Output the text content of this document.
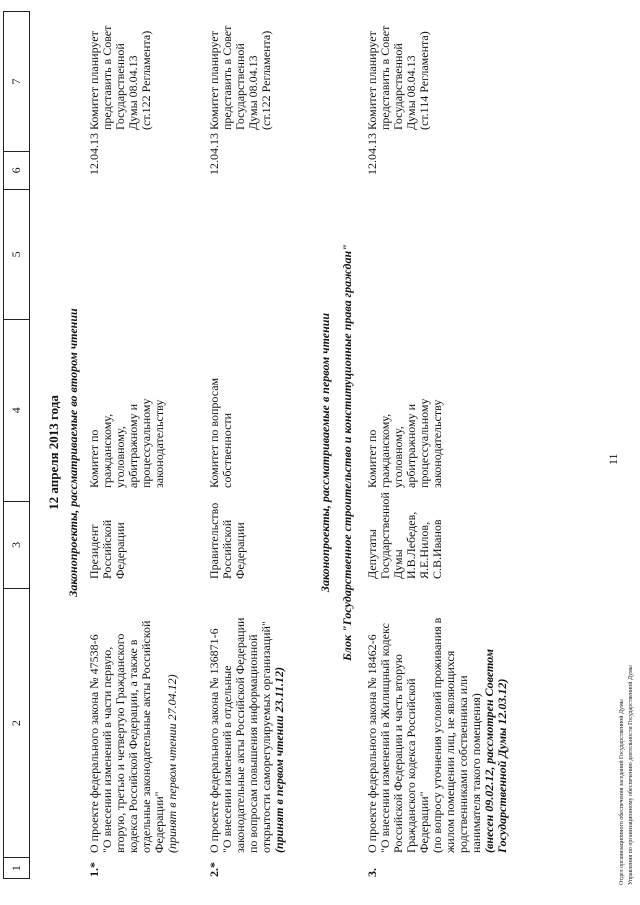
11
1
2
3
4
5
6
7
12 апреля 2013 года Законопроекты, рассматриваемые во втором чтении
1.*
О проекте федерального закона № 47538-6 "О внесении изменений в части первую, вторую, третью и четвертую Гражданского кодекса Российской Федерации, а также в отдельные законодательные акты Российской Федерации" (принят в первом чтении 27.04.12)
Президент Российской Федерации
Комитет по гражданскому, уголовному, арбитражному и процессуальному законодательству
12.04.13
Комитет планирует представить в Совет Государственной Думы 08.04.13 (ст.122 Регламента)
2.*
О проекте федерального закона № 136871-6 "О внесении изменений в отдельные законодательные акты Российской Федерации по вопросам повышения информационной открытости саморегулируемых организаций" (принят в первом чтении 23.11.12)
Правительство Российской Федерации
Комитет по вопросам собственности
12.04.13
Комитет планирует представить в Совет Государственной Думы 08.04.13 (ст.122 Регламента)
Законопроекты, рассматриваемые в первом чтении Блок "Государственное строительство и конституционные права граждан"
3.
О проекте федерального закона № 18462-6 "О внесении изменений в Жилищный кодекс Российской Федерации и часть вторую Гражданского кодекса Российской Федерации" (по вопросу уточнения условий проживания в жилом помещении лиц, не являющихся родственниками собственника или нанимателя такого помещения) (внесен 09.02.12, рассмотрен Советом Государственной Думы 12.03.12)
Депутаты Государственной Думы И.В.Лебедев, Я.Е.Нилов, С.В.Иванов
Комитет по гражданскому, уголовному, арбитражному и процессуальному законодательству
12.04.13
Комитет планирует представить в Совет Государственной Думы 08.04.13 (ст.114 Регламента)
Отдел организационного обеспечения заседаний Государственной Думы Управления по организационному обеспечению деятельности Государственной Думы
